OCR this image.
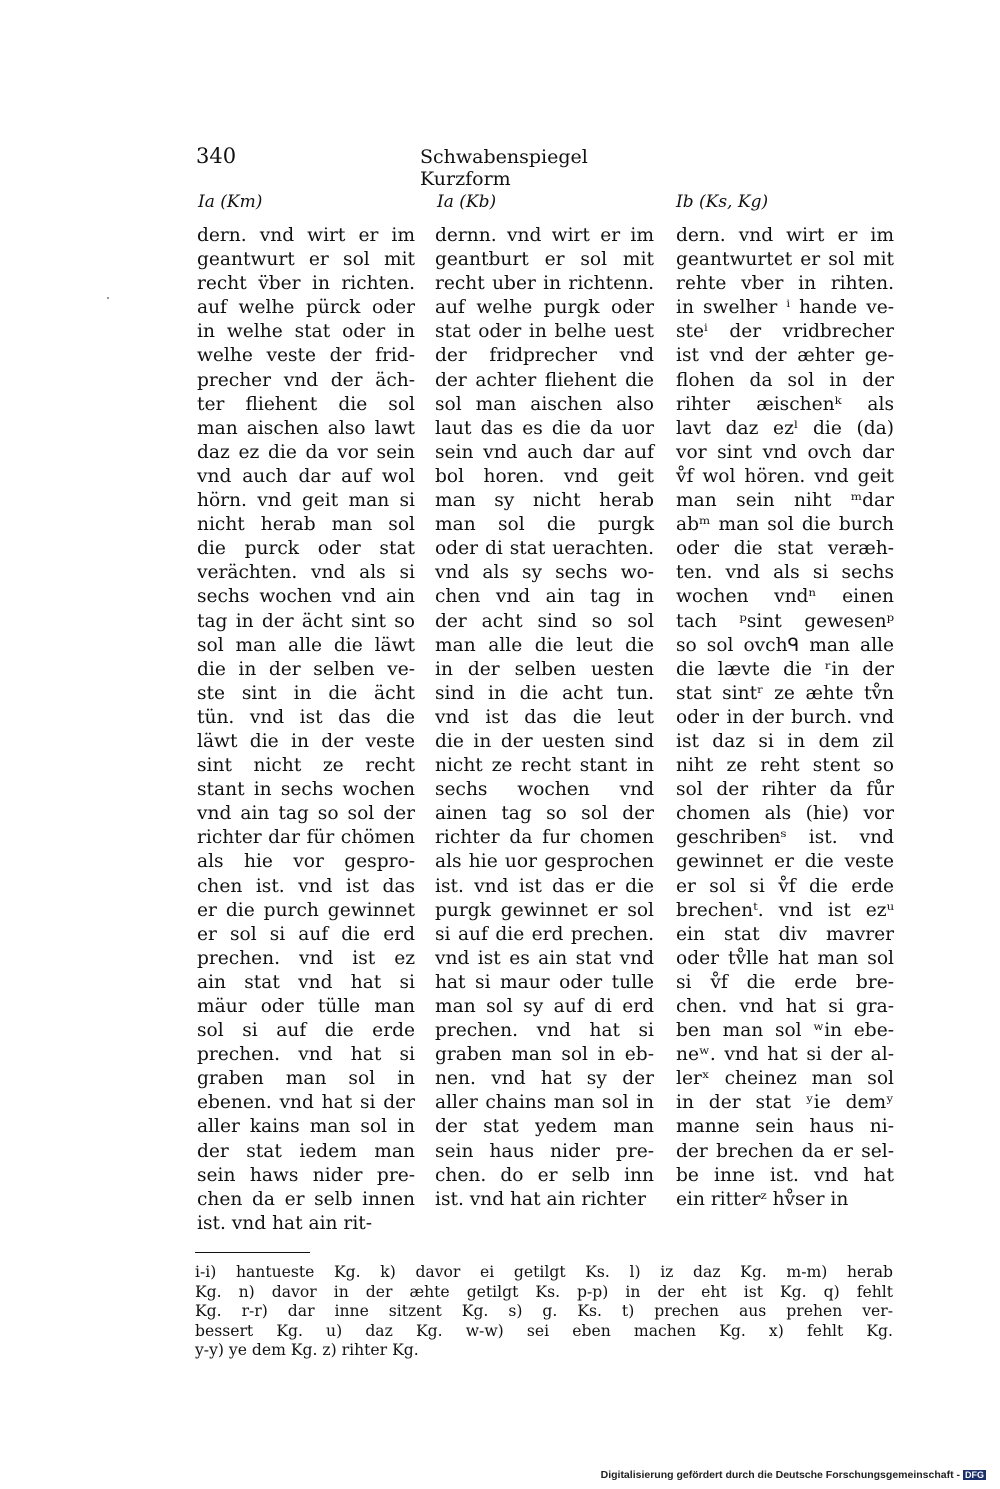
340	Schwabenspiegel Kurzform
Ia (Km)	Ia (Kb)	Ib (Ks, Kg)
dern. vnd wirt er im
geantwurt er sol mit
recht v̈ber in richten.
auf welhe pürck oder
in welhe stat oder in
welhe veste der frid-
precher vnd der äch-
ter fliehent die sol
man aischen also lawt
daz ez die da vor sein
vnd auch dar auf wol
hörn. vnd geit man si
nicht herab man sol
die purck oder stat
verächten. vnd als si
sechs wochen vnd ain
tag in der ächt sint so
sol man alle die läwt
die in der selben ve-
ste sint in die ächt
tün. vnd ist das die
läwt die in der veste
sint nicht ze recht
stant in sechs wochen
vnd ain tag so sol der
richter dar für chömen
als hie vor gespro-
chen ist. vnd ist das
er die purch gewinnet
er sol si auf die erd
prechen. vnd ist ez
ain stat vnd hat si
mäur oder tülle man
sol si auf die erde
prechen. vnd hat si
graben man sol in
ebenen. vnd hat si der
aller kains man sol in
der stat iedem man
sein haws nider pre-
chen da er selb innen
ist. vnd hat ain rit-
dernn. vnd wirt er im
geantburt er sol mit
recht uber in richtenn.
auf welhe purgk oder
stat oder in belhe uest
der fridprecher vnd
der achter fliehent die
sol man aischen also
laut das es die da uor
sein vnd auch dar auf
bol horen. vnd geit
man sy nicht herab
man sol die purgk
oder di stat uerachten.
vnd als sy sechs wo-
chen vnd ain tag in
der acht sind so sol
man alle die leut die
in der selben uesten
sind in die acht tun.
vnd ist das die leut
die in der uesten sind
nicht ze recht stant in
sechs wochen vnd
ainen tag so sol der
richter da fur chomen
als hie uor gesprochen
ist. vnd ist das er die
purgk gewinnet er sol
si auf die erd prechen.
vnd ist es ain stat vnd
hat si maur oder tulle
man sol sy auf di erd
prechen. vnd hat si
graben man sol in eb-
nen. vnd hat sy der
aller chains man sol in
der stat yedem man
sein haus nider pre-
chen. do er selb inn
ist. vnd hat ain richter
dern. vnd wirt er im
geantwurtet er sol mit
rehte vber in rihten.
in swelher ⁱ hande ve-
steⁱ der vridbrecher
ist vnd der æhter ge-
flohen da sol in der
rihter æischenᵏ als
lavt daz ezˡ die (da)
vor sint vnd ovch dar
v̊f wol hören. vnd geit
man sein niht ᵐdar
abᵐ man sol die burch
oder die stat veræh-
ten. vnd als si sechs
wochen vndⁿ einen
tach ᵖsint gewesenᵖ
so sol ovchᑫ man alle
die lævte die ʳin der
stat sintʳ ze æhte tv̊n
oder in der burch. vnd
ist daz si in dem zil
niht ze reht stent so
sol der rihter da fůr
chomen als (hie) vor
geschribenˢ ist. vnd
gewinnet er die veste
er sol si v̊f die erde
brechenᵗ. vnd ist ezᵘ
ein stat div mavrer
oder tv̊lle hat man sol
si v̊f die erde bre-
chen. vnd hat si gra-
ben man sol ʷin ebe-
neʷ. vnd hat si der al-
lerˣ cheinez man sol
in der stat ʸie demʸ
manne sein haus ni-
der brechen da er sel-
be inne ist. vnd hat
ein ritterᶻ hv̊ser in
i-i) hantueste Kg. k) davor ei getilgt Ks. l) iz daz Kg. m-m) herab
Kg. n) davor in der æhte getilgt Ks. p-p) in der eht ist Kg. q) fehlt
Kg. r-r) dar inne sitzent Kg. s) g. Ks. t) prechen aus prehen ver-
bessert Kg. u) daz Kg. w-w) sei eben machen Kg. x) fehlt Kg.
y-y) ye dem Kg. z) rihter Kg.
Digitalisierung gefördert durch die Deutsche Forschungsgemeinschaft - DFG
